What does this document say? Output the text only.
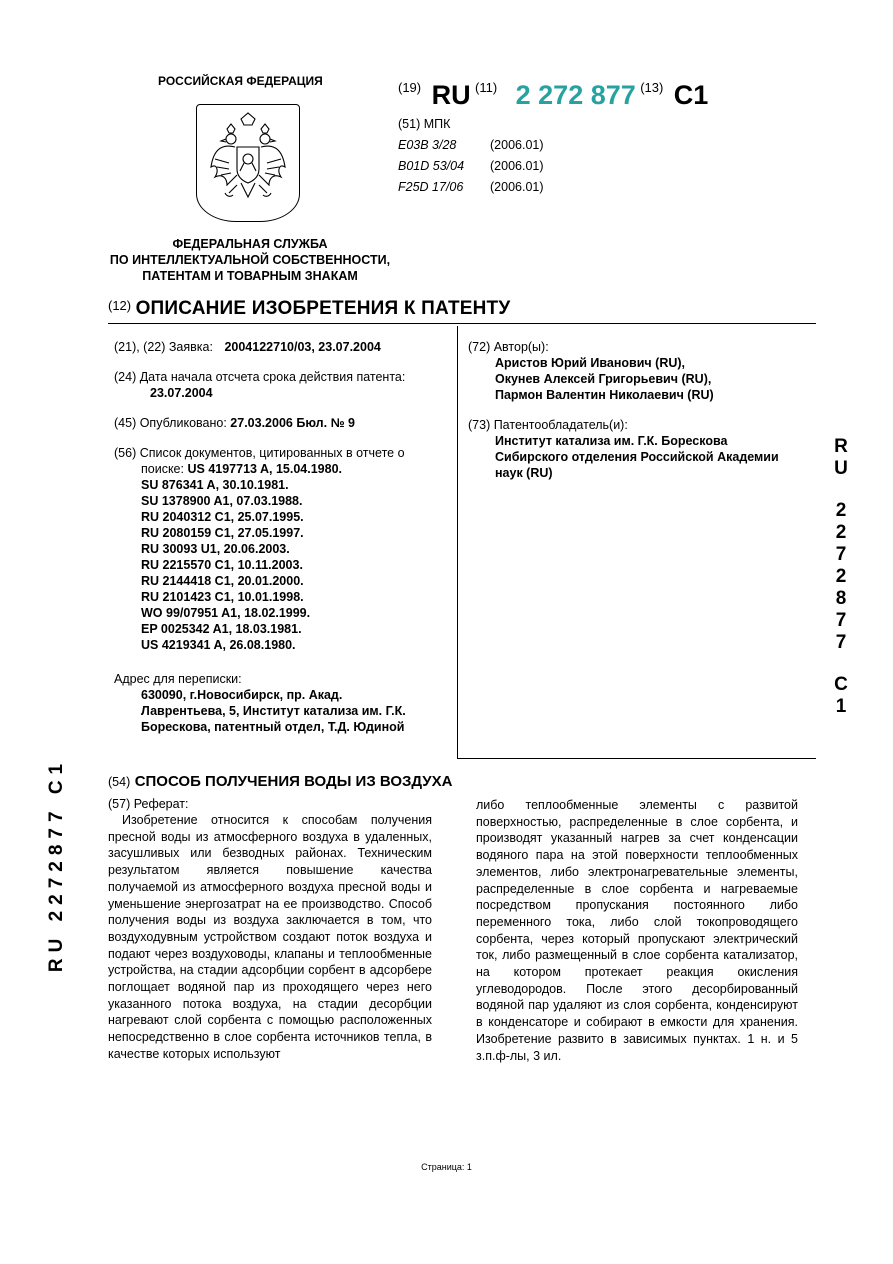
РОССИЙСКАЯ ФЕДЕРАЦИЯ
ФЕДЕРАЛЬНАЯ СЛУЖБА
ПО ИНТЕЛЛЕКТУАЛЬНОЙ СОБСТВЕННОСТИ,
ПАТЕНТАМ И ТОВАРНЫМ ЗНАКАМ
$^{(19)}$ RU $^{(11)}$ 2 272 877 $^{(13)}$ C1
(51) МПК
E03B 3/28	(2006.01)
B01D 53/04 (2006.01)
F25D 17/06 (2006.01)
$^{(12)}$ ОПИСАНИЕ ИЗОБРЕТЕНИЯ К ПАТЕНТУ
(21), (22) Заявка: 2004122710/03, 23.07.2004
(24) Дата начала отсчета срока действия патента:
23.07.2004
(45) Опубликовано: 27.03.2006 Бюл. № 9
(56) Список документов, цитированных в отчете о поиске: US 4197713 A, 15.04.1980.
SU 876341 A, 30.10.1981.
SU 1378900 A1, 07.03.1988.
RU 2040312 C1, 25.07.1995.
RU 2080159 C1, 27.05.1997.
RU 30093 U1, 20.06.2003.
RU 2215570 C1, 10.11.2003.
RU 2144418 C1, 20.01.2000.
RU 2101423 C1, 10.01.1998.
WO 99/07951 A1, 18.02.1999.
EP 0025342 A1, 18.03.1981.
US 4219341 A, 26.08.1980.
Адрес для переписки:
630090, г.Новосибирск, пр. Акад.
Лаврентьева, 5, Институт катализа им. Г.К.
Борескова, патентный отдел, Т.Д. Юдиной
(72) Автор(ы):
Аристов Юрий Иванович (RU),
Окунев Алексей Григорьевич (RU),
Пармон Валентин Николаевич (RU)
(73) Патентообладатель(и):
Институт катализа им. Г.К. Борескова
Сибирского отделения Российской Академии
наук (RU)
R
U
2
2
7
2
8
7
7
C
1
RU 2272877 C1	(54) СПОСОБ ПОЛУЧЕНИЯ ВОДЫ ИЗ ВОЗДУХА
(57) Реферат:
Изобретение относится к способам получения пресной воды из атмосферного воздуха в удаленных, засушливых или безводных районах. Техническим результатом является повышение качества получаемой из атмосферного воздуха пресной воды и уменьшение энергозатрат на ее производство. Способ получения воды из воздуха заключается в том, что воздуходувным устройством создают поток воздуха и подают через воздуховоды, клапаны и теплообменные устройства, на стадии адсорбции сорбент в адсорбере поглощает водяной пар из проходящего через него указанного потока воздуха, на стадии десорбции нагревают слой сорбента с помощью расположенных непосредственно в слое сорбента источников тепла, в качестве которых используют
либо теплообменные элементы с развитой поверхностью, распределенные в слое сорбента, и производят указанный нагрев за счет конденсации водяного пара на этой поверхности теплообменных элементов, либо электронагревательные элементы, распределенные в слое сорбента и нагреваемые посредством пропускания постоянного либо переменного тока, либо слой токопроводящего сорбента, через который пропускают электрический ток, либо размещенный в слое сорбента катализатор, на котором протекает реакция окисления углеводородов. После этого десорбированный водяной пар удаляют из слоя сорбента, конденсируют в конденсаторе и собирают в емкости для хранения. Изобретение развито в зависимых пунктах. 1 н. и 5 з.п.ф-лы, 3 ил.
Страница: 1
